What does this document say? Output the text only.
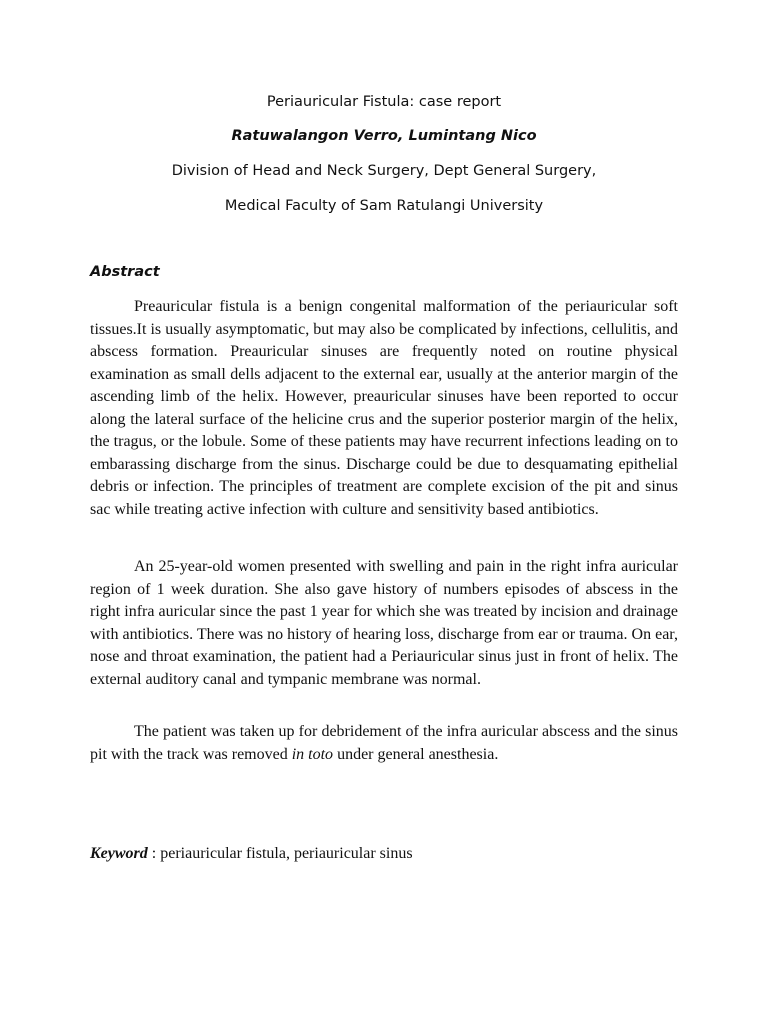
Periauricular Fistula: case report
Ratuwalangon Verro, Lumintang Nico
Division of Head and Neck Surgery, Dept General Surgery,
Medical Faculty of Sam Ratulangi University
Abstract

Preauricular fistula is a benign congenital malformation of the periauricular soft tissues.It is usually asymptomatic, but may also be complicated by infections, cellulitis, and abscess formation. Preauricular sinuses are frequently noted on routine physical examination as small dells adjacent to the external ear, usually at the anterior margin of the ascending limb of the helix. However, preauricular sinuses have been reported to occur along the lateral surface of the helicine crus and the superior posterior margin of the helix, the tragus, or the lobule. Some of these patients may have recurrent infections leading on to embarassing discharge from the sinus. Discharge could be due to desquamating epithelial debris or infection. The principles of treatment are complete excision of the pit and sinus sac while treating active infection with culture and sensitivity based antibiotics.

An 25-year-old women presented with swelling and pain in the right infra auricular region of 1 week duration. She also gave history of numbers episodes of abscess in the right infra auricular since the past 1 year for which she was treated by incision and drainage with antibiotics. There was no history of hearing loss, discharge from ear or trauma. On ear, nose and throat examination, the patient had a Periauricular sinus just in front of helix. The external auditory canal and tympanic membrane was normal.

The patient was taken up for debridement of the infra auricular abscess and the sinus pit with the track was removed in toto under general anesthesia.

Keyword : periauricular fistula, periauricular sinus
